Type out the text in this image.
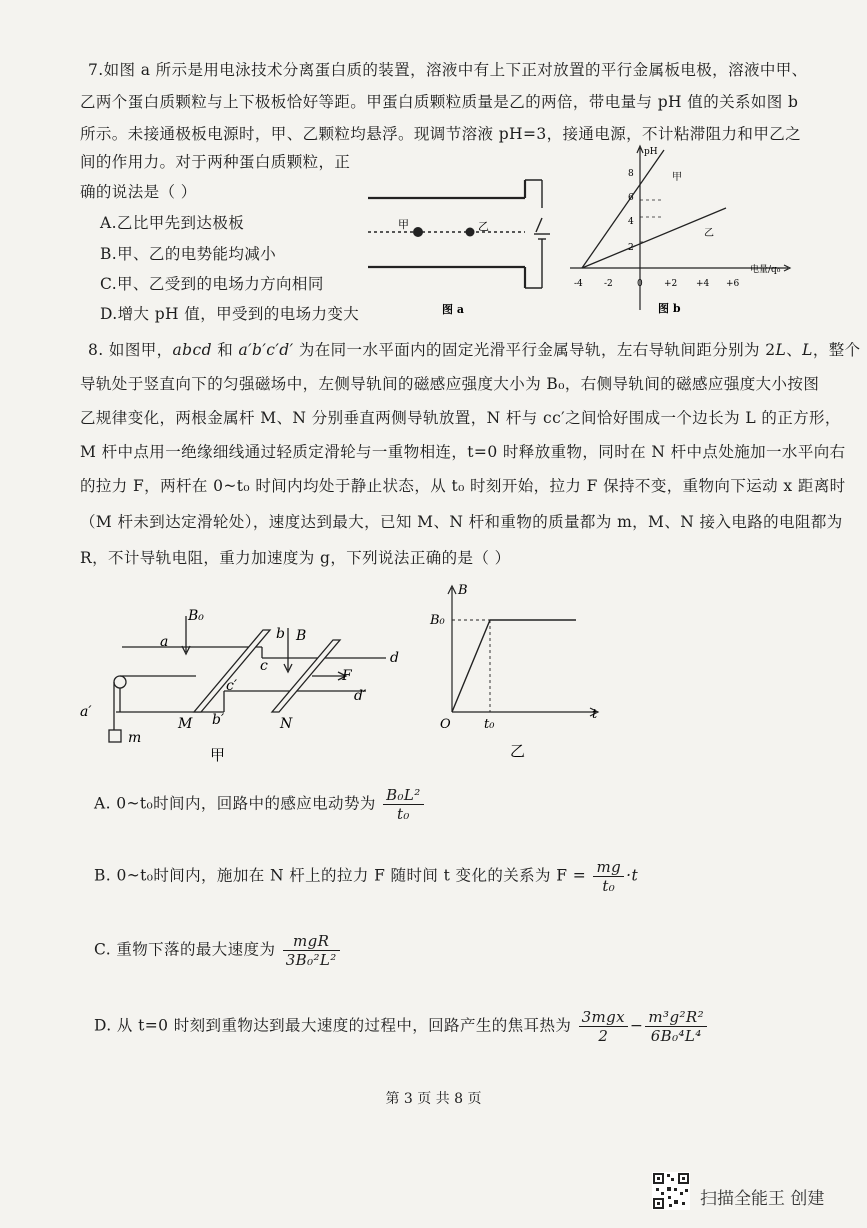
7.如图 a 所示是用电泳技术分离蛋白质的装置，溶液中有上下正对放置的平行金属板电极，溶液中甲、
乙两个蛋白质颗粒与上下极板恰好等距。甲蛋白质颗粒质量是乙的两倍，带电量与 pH 值的关系如图 b
所示。未接通极板电源时，甲、乙颗粒均悬浮。现调节溶液 pH=3，接通电源，不计粘滞阻力和甲乙之
间的作用力。对于两种蛋白质颗粒，正
确的说法是（ ）
A.乙比甲先到达极板
B.甲、乙的电势能均减小
C.甲、乙受到的电场力方向相同
D.增大 pH 值，甲受到的电场力变大
甲	乙
图 a
pH
电量/q₀
2
4
6
8
-4 -2	0 +2 +4 +6
甲
乙
图 b
8. 如图甲，abcd 和 a′b′c′d′ 为在同一水平面内的固定光滑平行金属导轨，左右导轨间距分别为 2L、L，整个
导轨处于竖直向下的匀强磁场中，左侧导轨间的磁感应强度大小为 B₀，右侧导轨间的磁感应强度大小按图
乙规律变化，两根金属杆 M、N 分别垂直两侧导轨放置，N 杆与 cc′之间恰好围成一个边长为 L 的正方形，
M 杆中点用一绝缘细线通过轻质定滑轮与一重物相连，t=0 时释放重物，同时在 N 杆中点处施加一水平向右
的拉力 F，两杆在 0~t₀ 时间内均处于静止状态，从 t₀ 时刻开始，拉力 F 保持不变，重物向下运动 x 距离时
（M 杆未到达定滑轮处），速度达到最大，已知 M、N 杆和重物的质量都为 m，M、N 接入电路的电阻都为
R，不计导轨电阻，重力加速度为 g，下列说法正确的是（ ）
B₀
a	b B
c	d
F
c′
d′
a′
M b′	N
m
甲
B
t
O
B₀
t₀
乙
A. 0~t₀时间内，回路中的感应电动势为 $\frac{\text{B₀L²}}{\text{t₀}}$
B. 0~t₀时间内，施加在 N 杆上的拉力 F 随时间 t 变化的关系为 $F = \frac{mg}{\text{t₀}} \cdot t$
C. 重物下落的最大速度为 $\frac{\text{mgR}}{\text{3B₀²L²}}$
D. 从 t=0 时刻到重物达到最大速度的过程中，回路产生的焦耳热为 $\frac{\text{3mgx}}{2} - \frac{\text{m³g²R²}}{\text{6B₀⁴L⁴}}$
第 3 页 共 8 页
扫描全能王 创建
